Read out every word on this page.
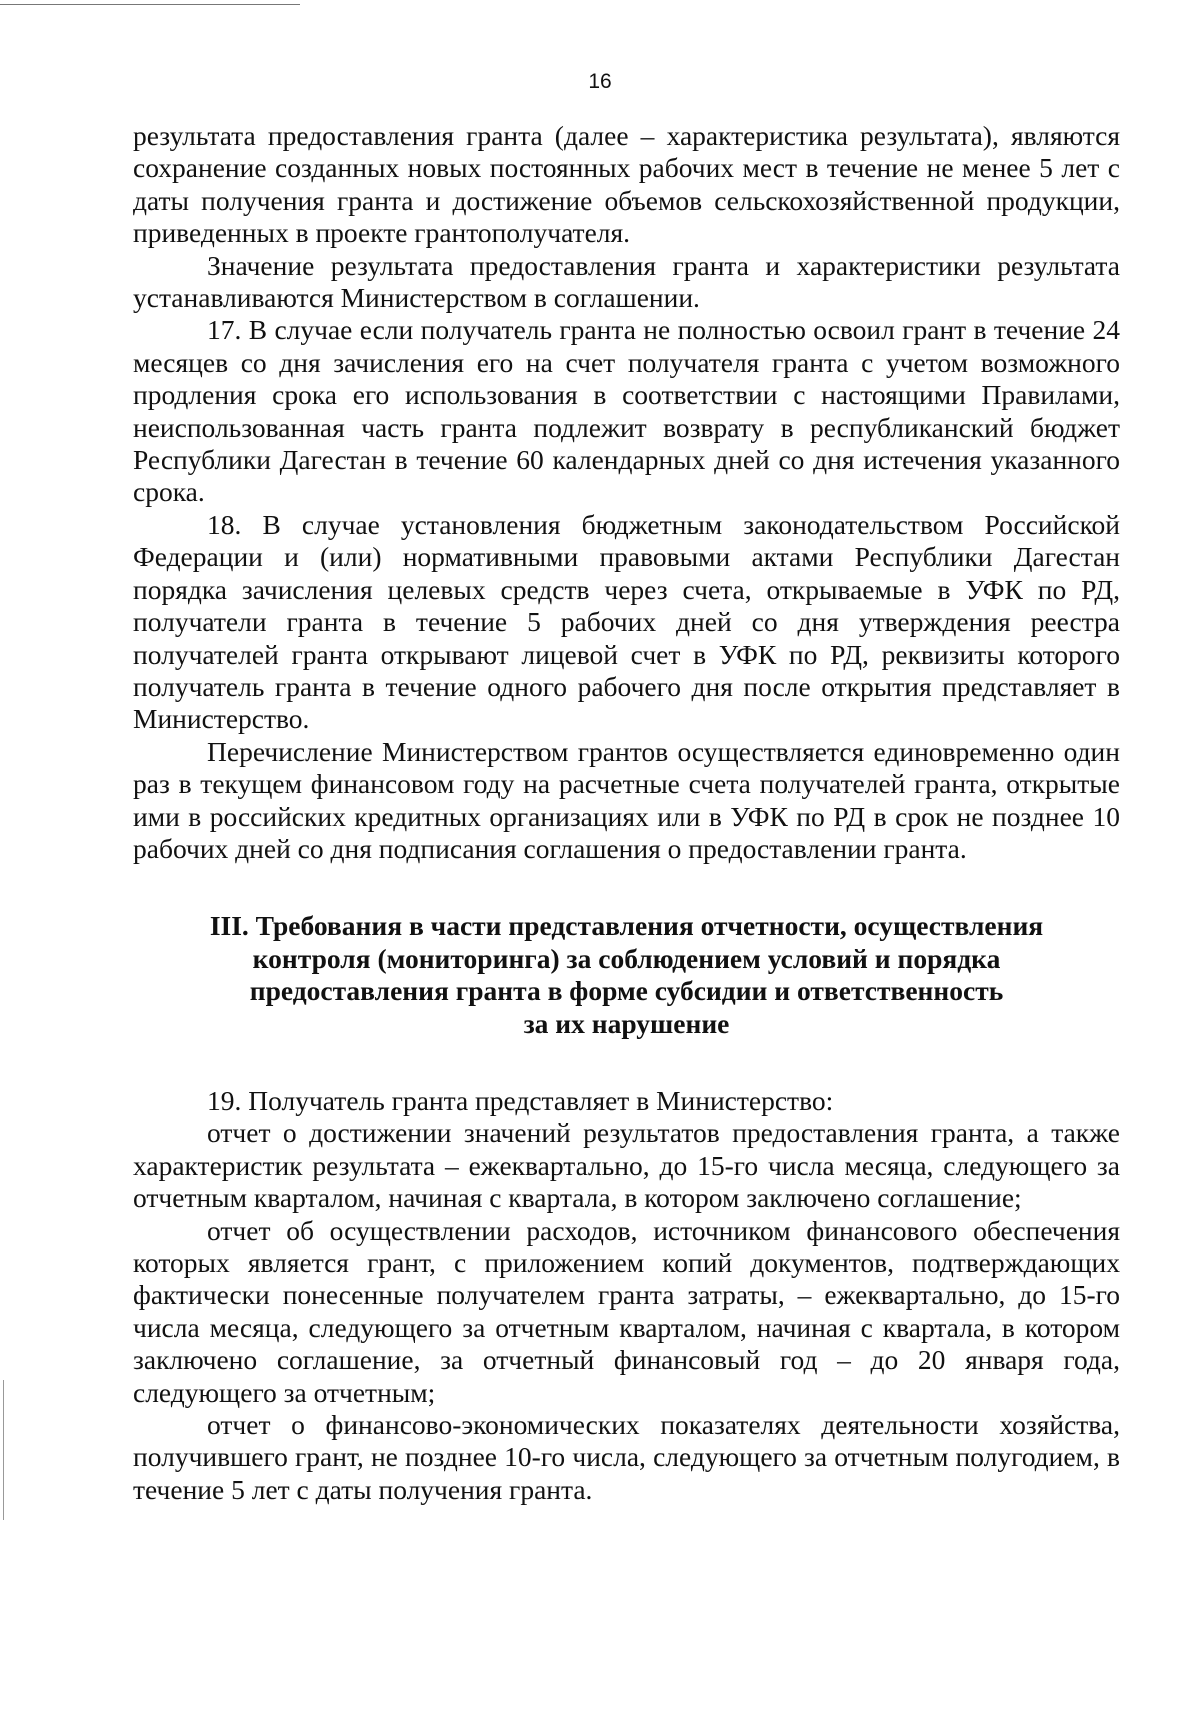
16

результата предоставления гранта (далее – характеристика результата), являются сохранение созданных новых постоянных рабочих мест в течение не менее 5 лет с даты получения гранта и достижение объемов сельскохозяйственной продукции, приведенных в проекте грантополучателя.

Значение результата предоставления гранта и характеристики результата устанавливаются Министерством в соглашении.

17. В случае если получатель гранта не полностью освоил грант в течение 24 месяцев со дня зачисления его на счет получателя гранта с учетом возможного продления срока его использования в соответствии с настоящими Правилами, неиспользованная часть гранта подлежит возврату в республиканский бюджет Республики Дагестан в течение 60 календарных дней со дня истечения указанного срока.

18. В случае установления бюджетным законодательством Российской Федерации и (или) нормативными правовыми актами Республики Дагестан порядка зачисления целевых средств через счета, открываемые в УФК по РД, получатели гранта в течение 5 рабочих дней со дня утверждения реестра получателей гранта открывают лицевой счет в УФК по РД, реквизиты которого получатель гранта в течение одного рабочего дня после открытия представляет в Министерство.

Перечисление Министерством грантов осуществляется единовременно один раз в текущем финансовом году на расчетные счета получателей гранта, открытые ими в российских кредитных организациях или в УФК по РД в срок не позднее 10 рабочих дней со дня подписания соглашения о предоставлении гранта.

III. Требования в части представления отчетности, осуществления
контроля (мониторинга) за соблюдением условий и порядка
предоставления гранта в форме субсидии и ответственность
за их нарушение

19. Получатель гранта представляет в Министерство:

отчет о достижении значений результатов предоставления гранта, а также характеристик результата – ежеквартально, до 15-го числа месяца, следующего за отчетным кварталом, начиная с квартала, в котором заключено соглашение;

отчет об осуществлении расходов, источником финансового обеспечения которых является грант, с приложением копий документов, подтверждающих фактически понесенные получателем гранта затраты, – ежеквартально, до 15-го числа месяца, следующего за отчетным кварталом, начиная с квартала, в котором заключено соглашение, за отчетный финансовый год – до 20 января года, следующего за отчетным;

отчет о финансово-экономических показателях деятельности хозяйства, получившего грант, не позднее 10-го числа, следующего за отчетным полугодием, в течение 5 лет с даты получения гранта.
